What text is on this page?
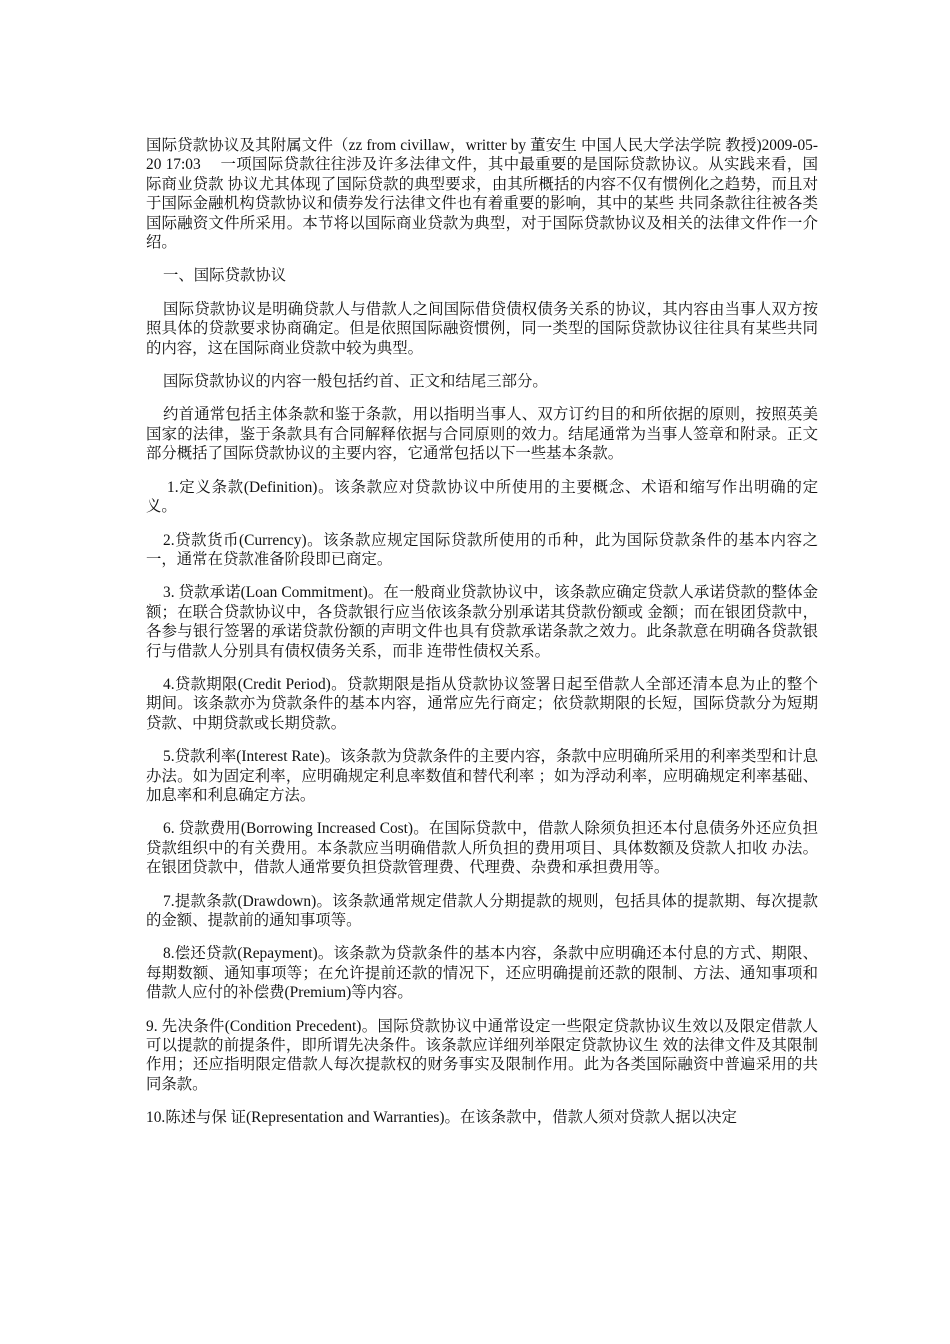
国际贷款协议及其附属文件（zz from civillaw，writter by 董安生 中国人民大学法学院 教授)2009-05-20 17:03 　一项国际贷款往往涉及许多法律文件，其中最重要的是国际贷款协议。从实践来看，国际商业贷款 协议尤其体现了国际贷款的典型要求，由其所概括的内容不仅有惯例化之趋势，而且对于国际金融机构贷款协议和债券发行法律文件也有着重要的影响，其中的某些 共同条款往往被各类国际融资文件所采用。本节将以国际商业贷款为典型，对于国际贷款协议及相关的法律文件作一介绍。

一、国际贷款协议

国际贷款协议是明确贷款人与借款人之间国际借贷债权债务关系的协议，其内容由当事人双方按照具体的贷款要求协商确定。但是依照国际融资惯例，同一类型的国际贷款协议往往具有某些共同的内容，这在国际商业贷款中较为典型。

国际贷款协议的内容一般包括约首、正文和结尾三部分。

约首通常包括主体条款和鉴于条款，用以指明当事人、双方订约目的和所依据的原则，按照英美国家的法律，鉴于条款具有合同解释依据与合同原则的效力。结尾通常为当事人签章和附录。正文部分概括了国际贷款协议的主要内容，它通常包括以下一些基本条款。

1.定义条款(Definition)。该条款应对贷款协议中所使用的主要概念、术语和缩写作出明确的定义。

2.贷款货币(Currency)。该条款应规定国际贷款所使用的币种，此为国际贷款条件的基本内容之一，通常在贷款准备阶段即已商定。

3. 贷款承诺(Loan Commitment)。在一般商业贷款协议中，该条款应确定贷款人承诺贷款的整体金额；在联合贷款协议中，各贷款银行应当依该条款分别承诺其贷款份额或 金额；而在银团贷款中，各参与银行签署的承诺贷款份额的声明文件也具有贷款承诺条款之效力。此条款意在明确各贷款银行与借款人分别具有债权债务关系，而非 连带性债权关系。

4.贷款期限(Credit Period)。贷款期限是指从贷款协议签署日起至借款人全部还清本息为止的整个期间。该条款亦为贷款条件的基本内容，通常应先行商定；依贷款期限的长短，国际贷款分为短期贷款、中期贷款或长期贷款。

5.贷款利率(Interest Rate)。该条款为贷款条件的主要内容，条款中应明确所采用的利率类型和计息办法。如为固定利率，应明确规定利息率数值和替代利率 ；如为浮动利率，应明确规定利率基础、加息率和利息确定方法。

6. 贷款费用(Borrowing Increased Cost)。在国际贷款中，借款人除须负担还本付息债务外还应负担贷款组织中的有关费用。本条款应当明确借款人所负担的费用项目、具体数额及贷款人扣收 办法。在银团贷款中，借款人通常要负担贷款管理费、代理费、杂费和承担费用等。

7.提款条款(Drawdown)。该条款通常规定借款人分期提款的规则，包括具体的提款期、每次提款的金额、提款前的通知事项等。

8.偿还贷款(Repayment)。该条款为贷款条件的基本内容，条款中应明确还本付息的方式、期限、每期数额、通知事项等；在允许提前还款的情况下，还应明确提前还款的限制、方法、通知事项和借款人应付的补偿费(Premium)等内容。

9. 先决条件(Condition Precedent)。国际贷款协议中通常设定一些限定贷款协议生效以及限定借款人可以提款的前提条件，即所谓先决条件。该条款应详细列举限定贷款协议生 效的法律文件及其限制作用；还应指明限定借款人每次提款权的财务事实及限制作用。此为各类国际融资中普遍采用的共同条款。

10.陈述与保 证(Representation and Warranties)。在该条款中，借款人须对贷款人据以决定
